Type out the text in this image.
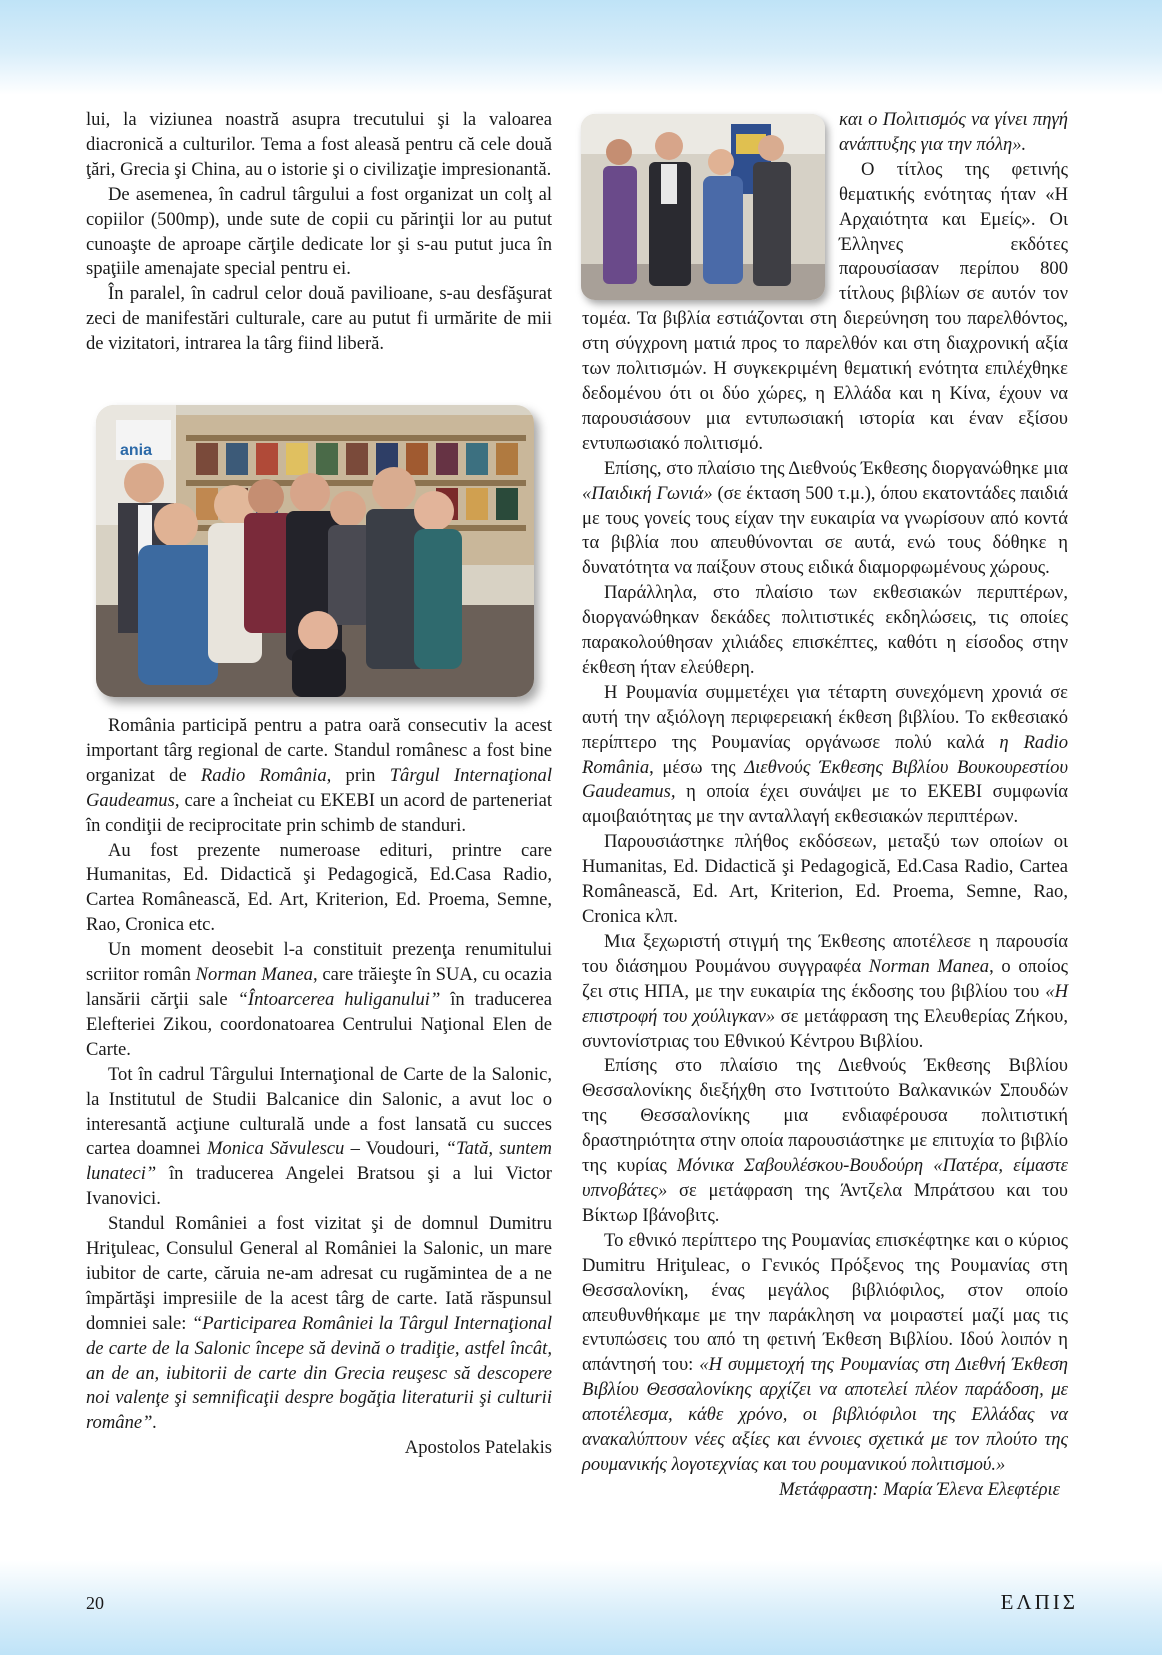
lui, la viziunea noastră asupra trecutului şi la valoarea diacronică a culturilor. Tema a fost aleasă pentru că cele două ţări, Grecia şi China, au o istorie şi o civilizaţie impresionantă.

De asemenea, în cadrul târgului a fost organizat un colţ al copiilor (500mp), unde sute de copii cu părinţii lor au putut cunoaşte de aproape cărţile dedicate lor şi s-au putut juca în spaţiile amenajate special pentru ei.

În paralel, în cadrul celor două pavilioane, s-au desfăşurat zeci de manifestări culturale, care au putut fi urmărite de mii de vizitatori, intrarea la târg fiind liberă.

România participă pentru a patra oară consecutiv la acest important târg regional de carte. Standul românesc a fost bine organizat de Radio România, prin Târgul Internaţional Gaudeamus, care a încheiat cu EKEBI un acord de parteneriat în condiţii de reciprocitate prin schimb de standuri.

Au fost prezente numeroase edituri, printre care Humanitas, Ed. Didactică şi Pedagogică, Ed.Casa Radio, Cartea Românească, Ed. Art, Kriterion, Ed. Proema, Semne, Rao, Cronica etc.

Un moment deosebit l-a constituit prezenţa renumitului scriitor român Norman Manea, care trăieşte în SUA, cu ocazia lansării cărţii sale “Întoarcerea huliganului” în traducerea Elefteriei Zikou, coordonatoarea Centrului Naţional Elen de Carte.

Tot în cadrul Târgului Internaţional de Carte de la Salonic, la Institutul de Studii Balcanice din Salonic, a avut loc o interesantă acţiune culturală unde a fost lansată cu succes cartea doamnei Monica Săvulescu – Voudouri, “Tată, suntem lunateci” în traducerea Angelei Bratsou şi a lui Victor Ivanovici.

Standul României a fost vizitat şi de domnul Dumitru Hriţuleac, Consulul General al României la Salonic, un mare iubitor de carte, căruia ne-am adresat cu rugămintea de a ne împărtăşi impresiile de la acest târg de carte. Iată răspunsul domniei sale: “Participarea României la Târgul Internaţional de carte de la Salonic începe să devină o tradiţie, astfel încât, an de an, iubitorii de carte din Grecia reuşesc să descopere noi valenţe şi semnificaţii despre bogăţia literaturii şi culturii române”.

Apostolos Patelakis

ania

και ο Πολιτισμός να γίνει πηγή ανάπτυξης για την πόλη».

Ο τίτλος της φετινής θεματικής ενότητας ήταν «Η Αρχαιότητα και Εμείς». Οι Έλληνες εκδότες παρουσίασαν περίπου 800 τίτλους βιβλίων σε αυτόν τον τομέα. Τα βιβλία εστιάζονται στη διερεύνηση του παρελθόντος, στη σύγχρονη ματιά προς το παρελθόν και στη διαχρονική αξία των πολιτισμών. Η συγκεκριμένη θεματική ενότητα επιλέχθηκε δεδομένου ότι οι δύο χώρες, η Ελλάδα και η Κίνα, έχουν να παρουσιάσουν μια εντυπωσιακή ιστορία και έναν εξίσου εντυπωσιακό πολιτισμό.

Επίσης, στο πλαίσιο της Διεθνούς Έκθεσης διοργανώθηκε μια «Παιδική Γωνιά» (σε έκταση 500 τ.μ.), όπου εκατοντάδες παιδιά με τους γονείς τους είχαν την ευκαιρία να γνωρίσουν από κοντά τα βιβλία που απευθύνονται σε αυτά, ενώ τους δόθηκε η δυνατότητα να παίξουν στους ειδικά διαμορφωμένους χώρους.

Παράλληλα, στο πλαίσιο των εκθεσιακών περιπτέρων, διοργανώθηκαν δεκάδες πολιτιστικές εκδηλώσεις, τις οποίες παρακολούθησαν χιλιάδες επισκέπτες, καθότι η είσοδος στην έκθεση ήταν ελεύθερη.

Η Ρουμανία συμμετέχει για τέταρτη συνεχόμενη χρονιά σε αυτή την αξιόλογη περιφερειακή έκθεση βιβλίου. Το εκθεσιακό περίπτερο της Ρουμανίας οργάνωσε πολύ καλά η Radio România, μέσω της Διεθνούς Έκθεσης Βιβλίου Βουκουρεστίου Gaudeamus, η οποία έχει συνάψει με το EKEBI συμφωνία αμοιβαιότητας με την ανταλλαγή εκθεσιακών περιπτέρων.

Παρουσιάστηκε πλήθος εκδόσεων, μεταξύ των οποίων οι Humanitas, Ed. Didactică şi Pedagogică, Ed.Casa Radio, Cartea Românească, Ed. Art, Kriterion, Ed. Proema, Semne, Rao, Cronica κλπ.

Μια ξεχωριστή στιγμή της Έκθεσης αποτέλεσε η παρουσία του διάσημου Ρουμάνου συγγραφέα Norman Manea, ο οποίος ζει στις ΗΠΑ, με την ευκαιρία της έκδοσης του βιβλίου του «Η επιστροφή του χούλιγκαν» σε μετάφραση της Ελευθερίας Ζήκου, συντονίστριας του Εθνικού Κέντρου Βιβλίου.

Επίσης στο πλαίσιο της Διεθνούς Έκθεσης Βιβλίου Θεσσαλονίκης διεξήχθη στο Ινστιτούτο Βαλκανικών Σπουδών της Θεσσαλονίκης μια ενδιαφέρουσα πολιτιστική δραστηριότητα στην οποία παρουσιάστηκε με επιτυχία το βιβλίο της κυρίας Μόνικα Σαβουλέσκου-Βουδούρη «Πατέρα, είμαστε υπνοβάτες» σε μετάφραση της Άντζελα Μπράτσου και του Βίκτωρ Ιβάνοβιτς.

Το εθνικό περίπτερο της Ρουμανίας επισκέφτηκε και ο κύριος Dumitru Hriţuleac, ο Γενικός Πρόξενος της Ρουμανίας στη Θεσσαλονίκη, ένας μεγάλος βιβλιόφιλος, στον οποίο απευθυνθήκαμε με την παράκληση να μοιραστεί μαζί μας τις εντυπώσεις του από τη φετινή Έκθεση Βιβλίου. Ιδού λοιπόν η απάντησή του: «Η συμμετοχή της Ρουμανίας στη Διεθνή Έκθεση Βιβλίου Θεσσαλονίκης αρχίζει να αποτελεί πλέον παράδοση, με αποτέλεσμα, κάθε χρόνο, οι βιβλιόφιλοι της Ελλάδας να ανακαλύπτουν νέες αξίες και έννοιες σχετικά με τον πλούτο της ρουμανικής λογοτεχνίας και του ρουμανικού πολιτισμού.»

Μετάφραστη: Μαρία Έλενα Ελεφτέριε

20	ΕΛΠΙΣ
